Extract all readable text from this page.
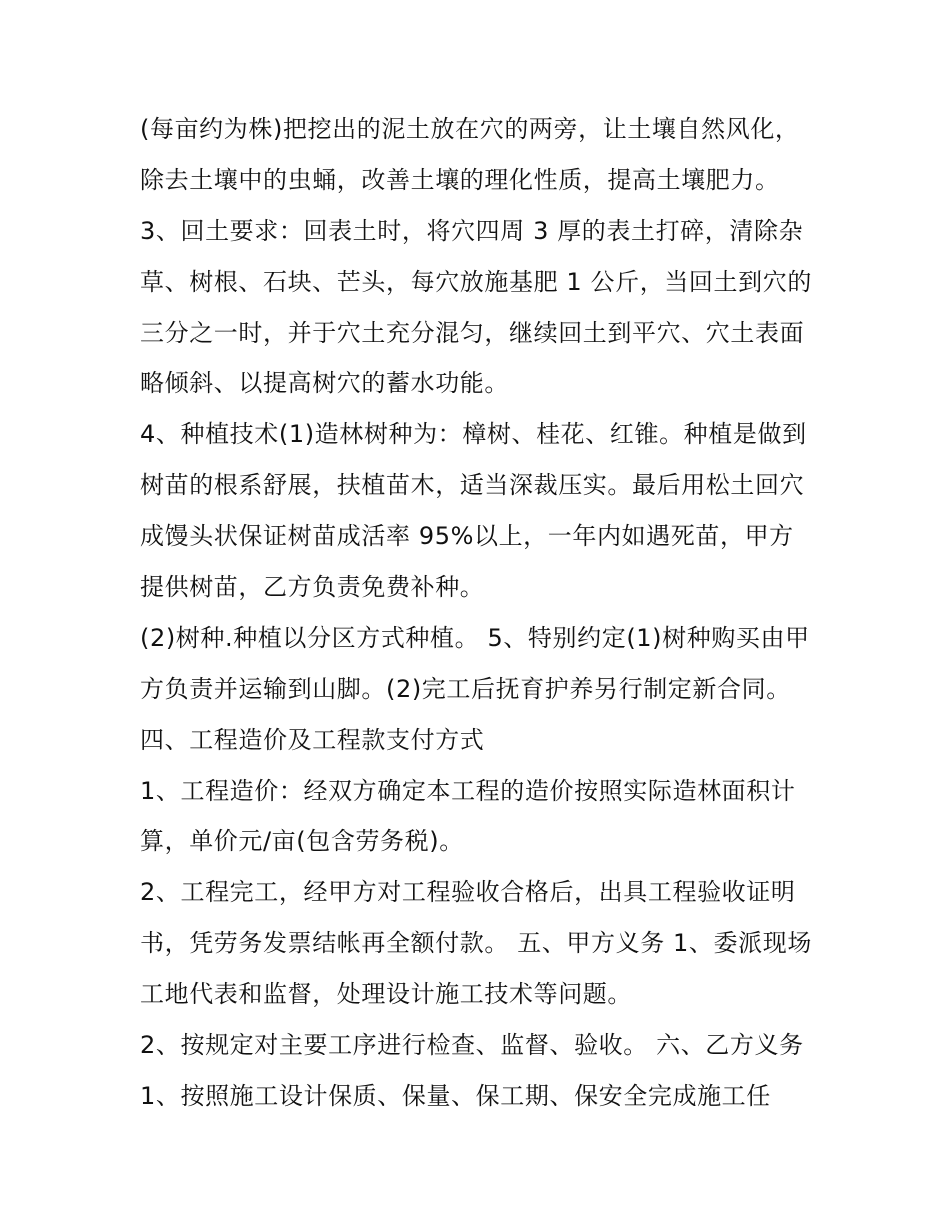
(每亩约为株)把挖出的泥土放在穴的两旁，让土壤自然风化，
除去土壤中的虫蛹，改善土壤的理化性质，提高土壤肥力。
3、回土要求：回表土时，将穴四周 3 厚的表土打碎，清除杂
草、树根、石块、芒头，每穴放施基肥 1 公斤，当回土到穴的
三分之一时，并于穴土充分混匀，继续回土到平穴、穴土表面
略倾斜、以提高树穴的蓄水功能。
4、种植技术(1)造林树种为：樟树、桂花、红锥。种植是做到
树苗的根系舒展，扶植苗木，适当深裁压实。最后用松土回穴
成馒头状保证树苗成活率 95%以上，一年内如遇死苗，甲方
提供树苗，乙方负责免费补种。
(2)树种.种植以分区方式种植。 5、特别约定(1)树种购买由甲
方负责并运输到山脚。(2)完工后抚育护养另行制定新合同。
四、工程造价及工程款支付方式
1、工程造价：经双方确定本工程的造价按照实际造林面积计
算，单价元/亩(包含劳务税)。
2、工程完工，经甲方对工程验收合格后，出具工程验收证明
书，凭劳务发票结帐再全额付款。 五、甲方义务 1、委派现场
工地代表和监督，处理设计施工技术等问题。
2、按规定对主要工序进行检查、监督、验收。 六、乙方义务
1、按照施工设计保质、保量、保工期、保安全完成施工任
